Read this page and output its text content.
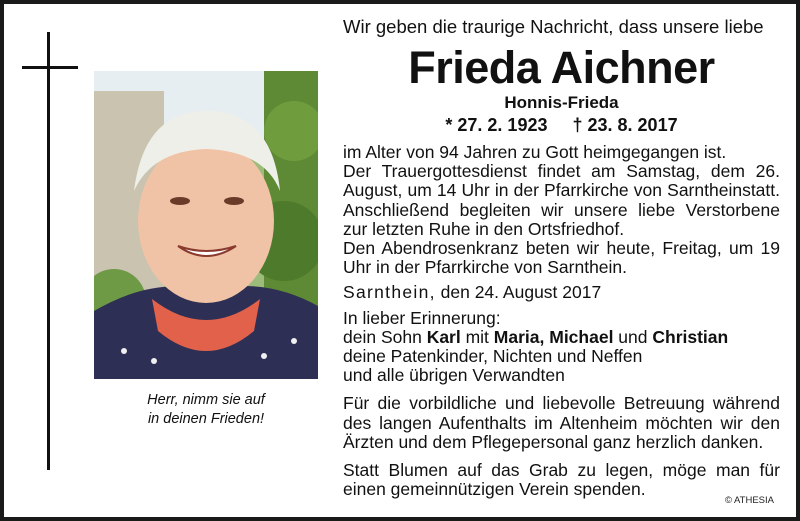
Herr, nimm sie auf
in deinen Frieden!
Wir geben die traurige Nachricht, dass unsere liebe
Frieda Aichner
Honnis-Frieda
* 27. 2. 1923 † 23. 8. 2017

im Alter von 94 Jahren zu Gott heimgegangen ist.

Der Trauergottesdienst findet am Samstag, dem 26. August, um 14 Uhr in der Pfarrkirche von Sarntheinstatt. Anschließend begleiten wir unsere liebe Verstorbene zur letzten Ruhe in den Ortsfriedhof.

Den Abendrosenkranz beten wir heute, Freitag, um 19 Uhr in der Pfarrkirche von Sarnthein.

Sarnthein, den 24. August 2017

In lieber Erinnerung:

dein Sohn Karl mit Maria, Michael und Christian

deine Patenkinder, Nichten und Neffen

und alle übrigen Verwandten

Für die vorbildliche und liebevolle Betreuung während des langen Aufenthalts im Altenheim möchten wir den Ärzten und dem Pflegepersonal ganz herzlich danken.

Statt Blumen auf das Grab zu legen, möge man für einen gemeinnützigen Verein spenden.

© ATHESIA
